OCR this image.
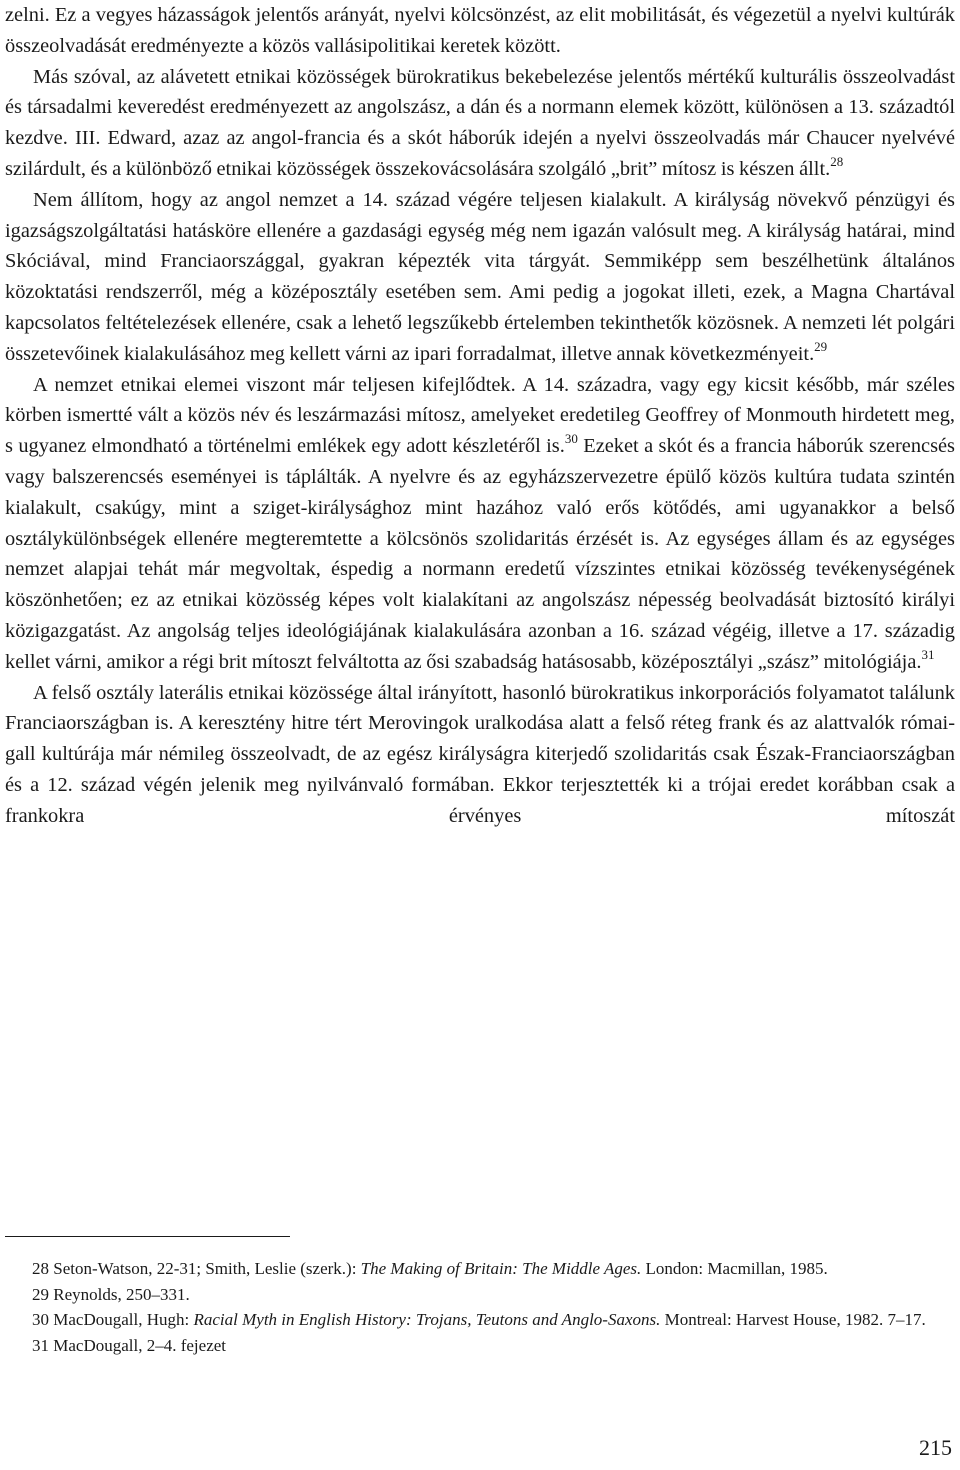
zelni. Ez a vegyes házasságok jelentős arányát, nyelvi kölcsönzést, az elit mobilitását, és végezetül a nyelvi kultúrák összeolvadását eredményezte a közös vallásipolitikai keretek között.

Más szóval, az alávetett etnikai közösségek bürokratikus bekebelezése jelentős mértékű kulturális összeolvadást és társadalmi keveredést eredményezett az angolszász, a dán és a normann elemek között, különösen a 13. századtól kezdve. III. Edward, azaz az angol-francia és a skót háborúk idején a nyelvi összeolvadás már Chaucer nyelvévé szilárdult, és a különböző etnikai közösségek összekovácsolására szolgáló „brit” mítosz is készen állt.$^{28}$

Nem állítom, hogy az angol nemzet a 14. század végére teljesen kialakult. A királyság növekvő pénzügyi és igazságszolgáltatási hatásköre ellenére a gazdasági egység még nem igazán valósult meg. A királyság határai, mind Skóciával, mind Franciaországgal, gyakran képezték vita tárgyát. Semmiképp sem beszélhetünk általános közoktatási rendszerről, még a középosztály esetében sem. Ami pedig a jogokat illeti, ezek, a Magna Chartával kapcsolatos feltételezések ellenére, csak a lehető legszűkebb értelemben tekinthetők közösnek. A nemzeti lét polgári összetevőinek kialakulásához meg kellett várni az ipari forradalmat, illetve annak következményeit.$^{29}$

A nemzet etnikai elemei viszont már teljesen kifejlődtek. A 14. századra, vagy egy kicsit később, már széles körben ismertté vált a közös név és leszármazási mítosz, amelyeket eredetileg Geoffrey of Monmouth hirdetett meg, s ugyanez elmondható a történelmi emlékek egy adott készletéről is.$^{30}$ Ezeket a skót és a francia háborúk szerencsés vagy balszerencsés eseményei is táplálták. A nyelvre és az egyházszervezetre épülő közös kultúra tudata szintén kialakult, csakúgy, mint a sziget-királysághoz mint hazához való erős kötődés, ami ugyanakkor a belső osztálykülönbségek ellenére megteremtette a kölcsönös szolidaritás érzését is. Az egységes állam és az egységes nemzet alapjai tehát már megvoltak, éspedig a normann eredetű vízszintes etnikai közösség tevékenységének köszönhetően; ez az etnikai közösség képes volt kialakítani az angolszász népesség beolvadását biztosító királyi közigazgatást. Az angolság teljes ideológiájának kialakulására azonban a 16. század végéig, illetve a 17. századig kellet várni, amikor a régi brit mítoszt felváltotta az ősi szabadság hatásosabb, középosztályi „szász” mitológiája.$^{31}$

A felső osztály laterális etnikai közössége által irányított, hasonló bürokratikus inkorporációs folyamatot találunk Franciaországban is. A keresztény hitre tért Merovingok uralkodása alatt a felső réteg frank és az alattvalók római-gall kultúrája már némileg összeolvadt, de az egész királyságra kiterjedő szolidaritás csak Észak-Franciaországban és a 12. század végén jelenik meg nyilvánvaló formában. Ekkor terjesztették ki a trójai eredet korábban csak a frankokra érvényes mítoszát

28 Seton-Watson, 22-31; Smith, Leslie (szerk.): The Making of Britain: The Middle Ages. London: Macmillan, 1985.

29 Reynolds, 250–331.

30 MacDougall, Hugh: Racial Myth in English History: Trojans, Teutons and Anglo-Saxons. Montreal: Harvest House, 1982. 7–17.

31 MacDougall, 2–4. fejezet

215
